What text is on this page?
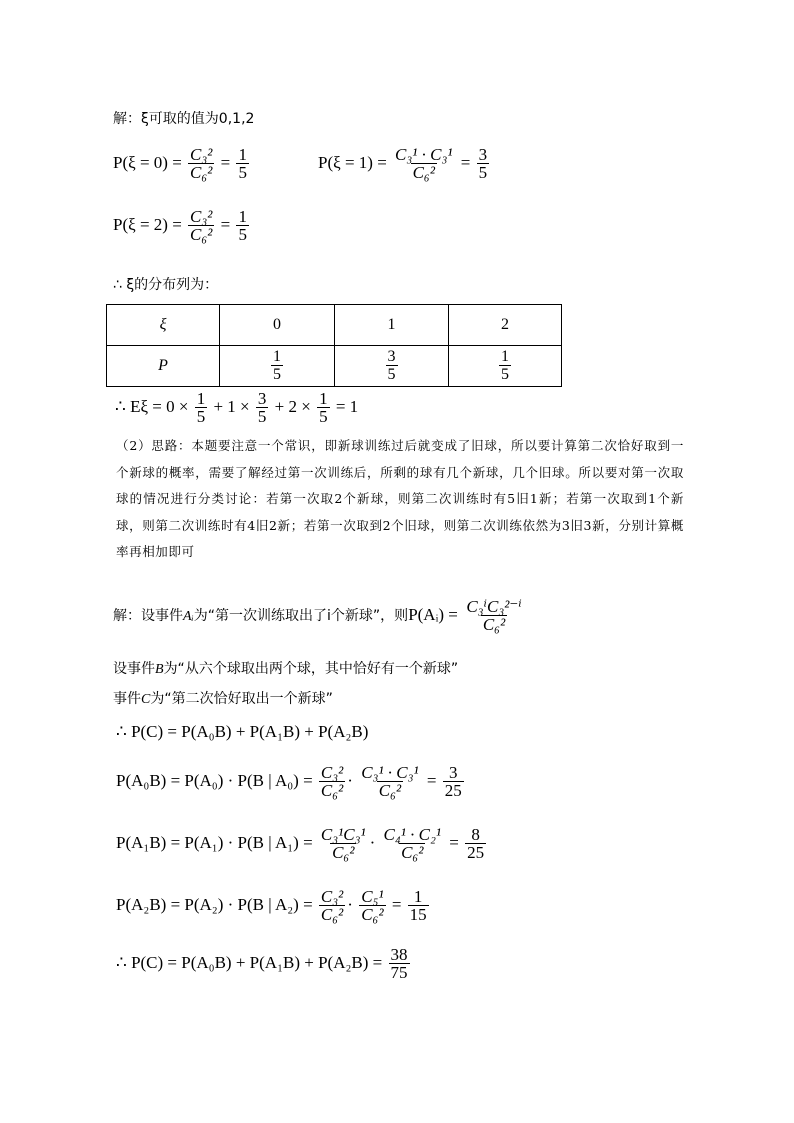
解：ξ可取的值为0,1,2
$P(\xi = 0) = \frac{\text{C₃²}}{\text{C₆²}} = \frac{1}{5}$	$P(\xi = 1) = \frac{\text{C₃¹ · C₃¹}}{\text{C₆²}} = \frac{3}{5}$
$P(\xi = 2) = \frac{\text{C₃²}}{\text{C₆²}} = \frac{1}{5}$
∴ ξ的分布列为：
ξ	0	1	2
P	$\frac{1}{5}$	$\frac{3}{5}$	$\frac{1}{5}$
∴ $E\xi = 0 \times \frac{1}{5} + 1 \times \frac{3}{5} + 2 \times \frac{1}{5} = 1$
（2）思路：本题要注意一个常识，即新球训练过后就变成了旧球，所以要计算第二次恰好取到一个新球的概率，需要了解经过第一次训练后，所剩的球有几个新球，几个旧球。所以要对第一次取球的情况进行分类讨论：若第一次取2个新球，则第二次训练时有5旧1新；若第一次取到1个新球，则第二次训练时有4旧2新；若第一次取到2个旧球，则第二次训练依然为3旧3新，分别计算概率再相加即可
解：设事件Aᵢ为“第一次训练取出了i个新球”，则P(Aᵢ) = $\frac{\text{C₃ⁱC₃²⁻ⁱ}}{\text{C₆²}}$
设事件B为“从六个球取出两个球，其中恰好有一个新球”
事件C为“第二次恰好取出一个新球”
∴ P(C) = P(A₀B) + P(A₁B) + P(A₂B)
P(A₀B) = P(A₀) · P(B | $A_0) = \frac{\text{C₃²}}{\text{C₆²}} \cdot \frac{\text{C₃¹ · C₃¹}}{\text{C₆²}} = \frac{3}{25}$
P(A₁B) = P(A₁) · P(B | $A_1) = \frac{\text{C₃¹C₃¹}}{\text{C₆²}} \cdot \frac{\text{C₄¹ · C₂¹}}{\text{C₆²}} = \frac{8}{25}$
P(A₂B) = P(A₂) · P(B | $A_2) = \frac{\text{C₃²}}{\text{C₆²}} \cdot \frac{\text{C₅¹}}{\text{C₆²}} = \frac{1}{15}$
∴ $P(C) = P(A_0B) + P(A_1B) + P(A_2B) = \frac{38}{75}$
